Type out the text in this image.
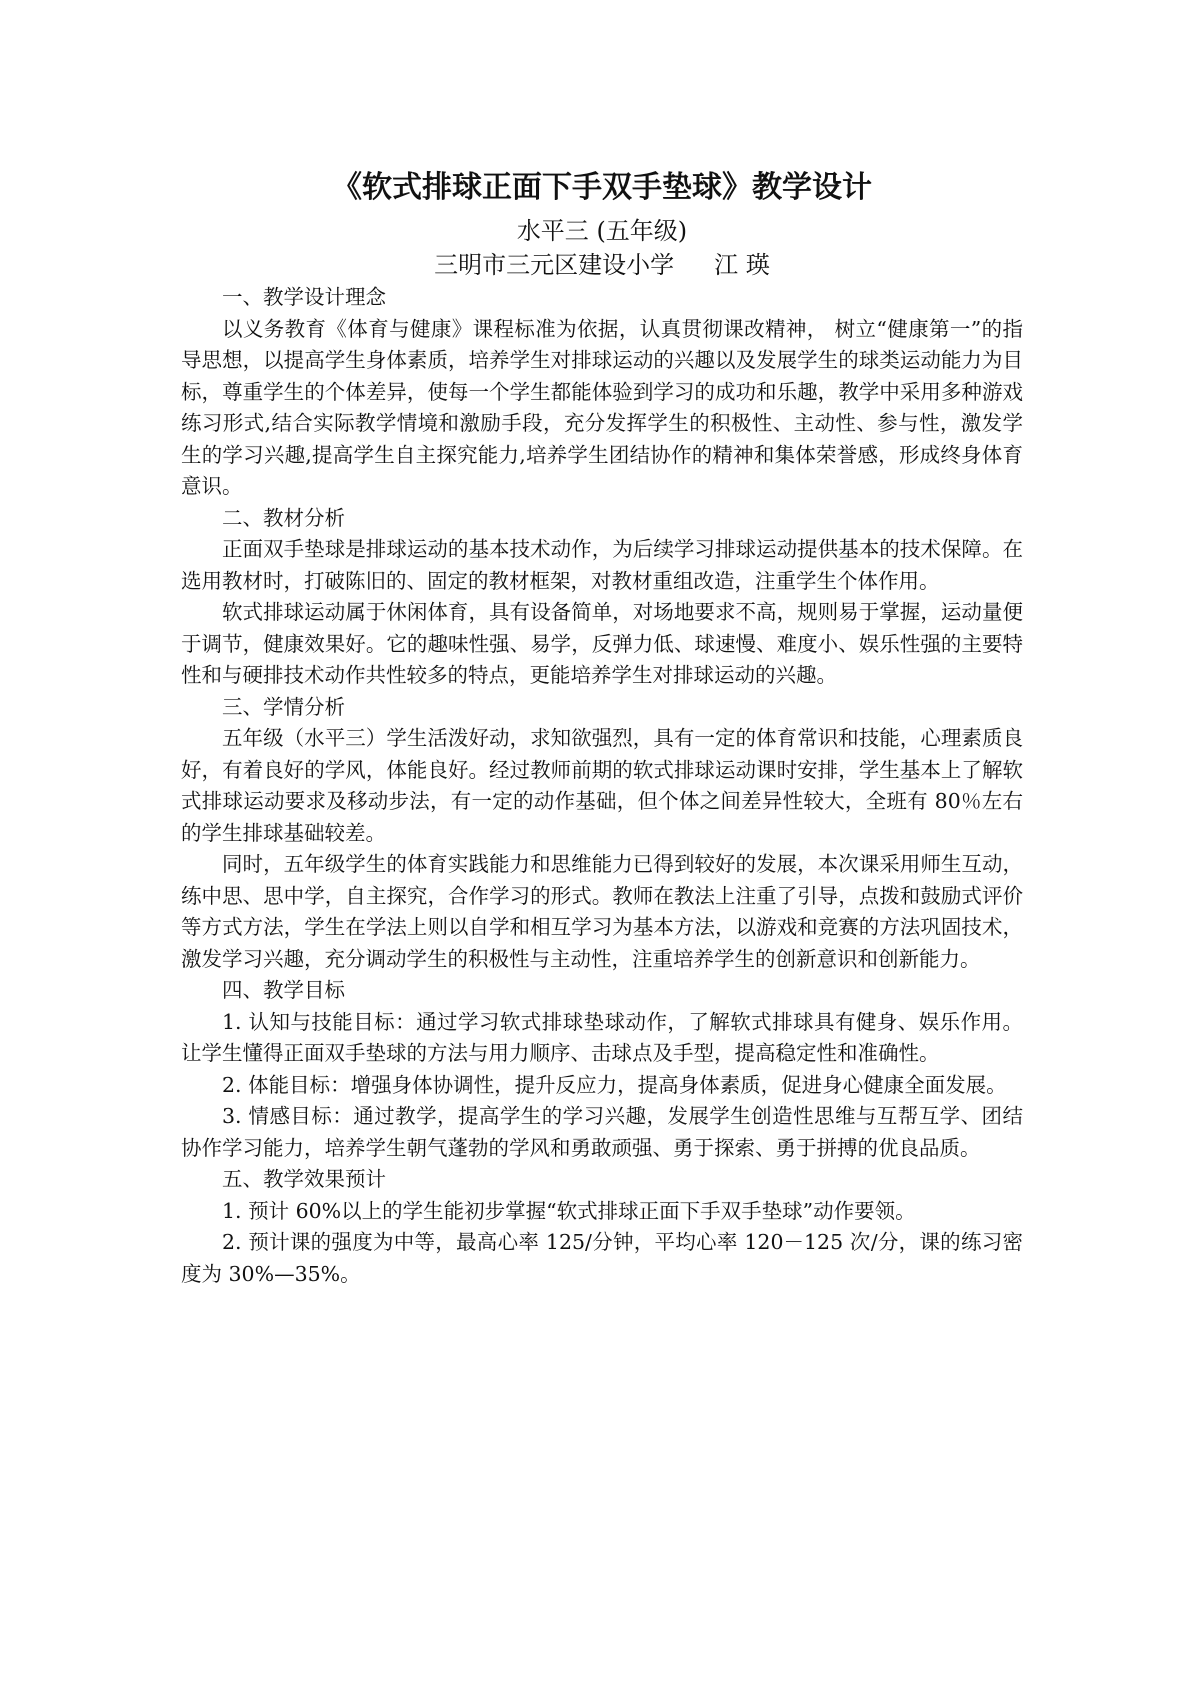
《软式排球正面下手双手垫球》教学设计

水平三 (五年级)

三明市三元区建设小学 江 瑛

一、教学设计理念

以义务教育《体育与健康》课程标准为依据，认真贯彻课改精神， 树立“健康第一”的指导思想，以提高学生身体素质，培养学生对排球运动的兴趣以及发展学生的球类运动能力为目标，尊重学生的个体差异，使每一个学生都能体验到学习的成功和乐趣，教学中采用多种游戏练习形式,结合实际教学情境和激励手段，充分发挥学生的积极性、主动性、参与性，激发学生的学习兴趣,提高学生自主探究能力,培养学生团结协作的精神和集体荣誉感，形成终身体育意识。

二、教材分析

正面双手垫球是排球运动的基本技术动作，为后续学习排球运动提供基本的技术保障。在选用教材时，打破陈旧的、固定的教材框架，对教材重组改造，注重学生个体作用。

软式排球运动属于休闲体育，具有设备简单，对场地要求不高，规则易于掌握，运动量便于调节，健康效果好。它的趣味性强、易学，反弹力低、球速慢、难度小、娱乐性强的主要特性和与硬排技术动作共性较多的特点，更能培养学生对排球运动的兴趣。

三、学情分析

五年级（水平三）学生活泼好动，求知欲强烈，具有一定的体育常识和技能，心理素质良好，有着良好的学风，体能良好。经过教师前期的软式排球运动课时安排，学生基本上了解软式排球运动要求及移动步法，有一定的动作基础，但个体之间差异性较大，全班有 80％左右的学生排球基础较差。

同时，五年级学生的体育实践能力和思维能力已得到较好的发展，本次课采用师生互动，练中思、思中学，自主探究，合作学习的形式。教师在教法上注重了引导，点拨和鼓励式评价等方式方法，学生在学法上则以自学和相互学习为基本方法，以游戏和竞赛的方法巩固技术，激发学习兴趣，充分调动学生的积极性与主动性，注重培养学生的创新意识和创新能力。

四、教学目标

1. 认知与技能目标：通过学习软式排球垫球动作，了解软式排球具有健身、娱乐作用。让学生懂得正面双手垫球的方法与用力顺序、击球点及手型，提高稳定性和准确性。

2. 体能目标：增强身体协调性，提升反应力，提高身体素质，促进身心健康全面发展。

3. 情感目标：通过教学，提高学生的学习兴趣，发展学生创造性思维与互帮互学、团结协作学习能力，培养学生朝气蓬勃的学风和勇敢顽强、勇于探索、勇于拼搏的优良品质。

五、教学效果预计

1. 预计 60%以上的学生能初步掌握“软式排球正面下手双手垫球”动作要领。

2. 预计课的强度为中等，最高心率 125/分钟，平均心率 120－125 次/分，课的练习密度为 30%—35%。
